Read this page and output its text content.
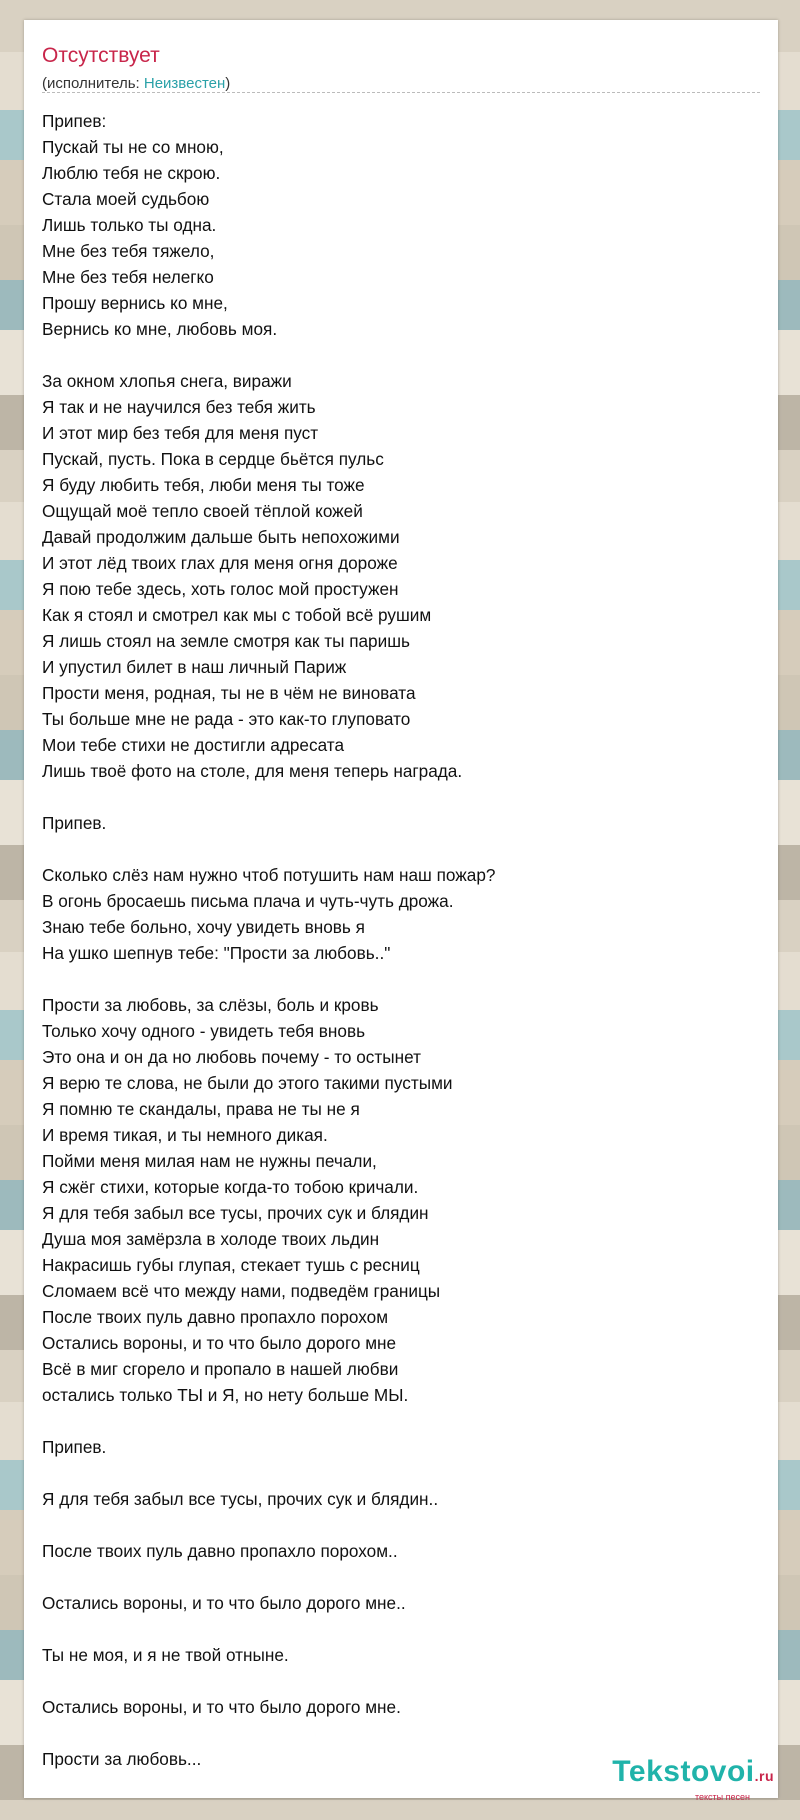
Отсутствует
(исполнитель: Неизвестен)
Припев:
Пускай ты не со мною,
Люблю тебя не скрою.
Стала моей судьбою
Лишь только ты одна.
Мне без тебя тяжело,
Мне без тебя нелегко
Прошу вернись ко мне,
Вернись ко мне, любовь моя.

За окном хлопья снега, виражи
Я так и не научился без тебя жить
И этот мир без тебя для меня пуст
Пускай, пусть. Пока в сердце бьётся пульс
Я буду любить тебя, люби меня ты тоже
Ощущай моё тепло своей тёплой кожей
Давай продолжим дальше быть непохожими
И этот лёд твоих глах для меня огня дороже
Я пою тебе здесь, хоть голос мой простужен
Как я стоял и смотрел как мы с тобой всё рушим
Я лишь стоял на земле смотря как ты паришь
И упустил билет в наш личный Париж
Прости меня, родная, ты не в чём не виновата
Ты больше мне не рада - это как-то глуповато
Мои тебе стихи не достигли адресата
Лишь твоё фото на столе, для меня теперь награда.

Припев.

Сколько слёз нам нужно чтоб потушить нам наш пожар?
В огонь бросаешь письма плача и чуть-чуть дрожа.
Знаю тебе больно, хочу увидеть вновь я
На ушко шепнув тебе: "Прости за любовь.."

Прости за любовь, за слёзы, боль и кровь
Только хочу одного - увидеть тебя вновь
Это она и он да но любовь почему - то остынет
Я верю те слова, не были до этого такими пустыми
Я помню те скандалы, права не ты не я
И время тикая, и ты немного дикая.
Пойми меня милая нам не нужны печали,
Я сжёг стихи, которые когда-то тобою кричали.
Я для тебя забыл все тусы, прочих сук и блядин
Душа моя замёрзла в холоде твоих льдин
Накрасишь губы глупая, стекает тушь с ресниц
Сломаем всё что между нами, подведём границы
После твоих пуль давно пропахло порохом
Остались вороны, и то что было дорого мне
Всё в миг сгорело и пропало в нашей любви
остались только ТЫ и Я, но нету больше МЫ.

Припев.

Я для тебя забыл все тусы, прочих сук и блядин..

После твоих пуль давно пропахло порохом..

Остались вороны, и то что было дорого мне..

Ты не моя, и я не твой отныне.

Остались вороны, и то что было дорого мне.

Прости за любовь...	Tekstovoi.ru
тексты песен
